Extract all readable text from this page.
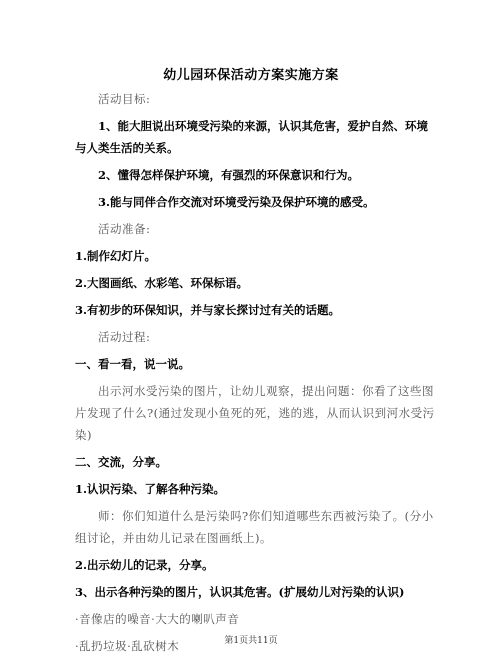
幼儿园环保活动方案实施方案

活动目标:

1、能大胆说出环境受污染的来源，认识其危害，爱护自然、环境与人类生活的关系。

2、懂得怎样保护环境，有强烈的环保意识和行为。

3.能与同伴合作交流对环境受污染及保护环境的感受。

活动准备:

1.制作幻灯片。

2.大图画纸、水彩笔、环保标语。

3.有初步的环保知识，并与家长探讨过有关的话题。

活动过程:

一、看一看，说一说。

出示河水受污染的图片，让幼儿观察，提出问题：你看了这些图片发现了什么?(通过发现小鱼死的死，逃的逃，从而认识到河水受污染)

二、交流，分享。

1.认识污染、了解各种污染。

师：你们知道什么是污染吗?你们知道哪些东西被污染了。(分小组讨论，并由幼儿记录在图画纸上)。

2.出示幼儿的记录，分享。

3、出示各种污染的图片，认识其危害。(扩展幼儿对污染的认识)

·音像店的噪音·大大的喇叭声音

·乱扔垃圾·乱砍树木	第1页共11页
